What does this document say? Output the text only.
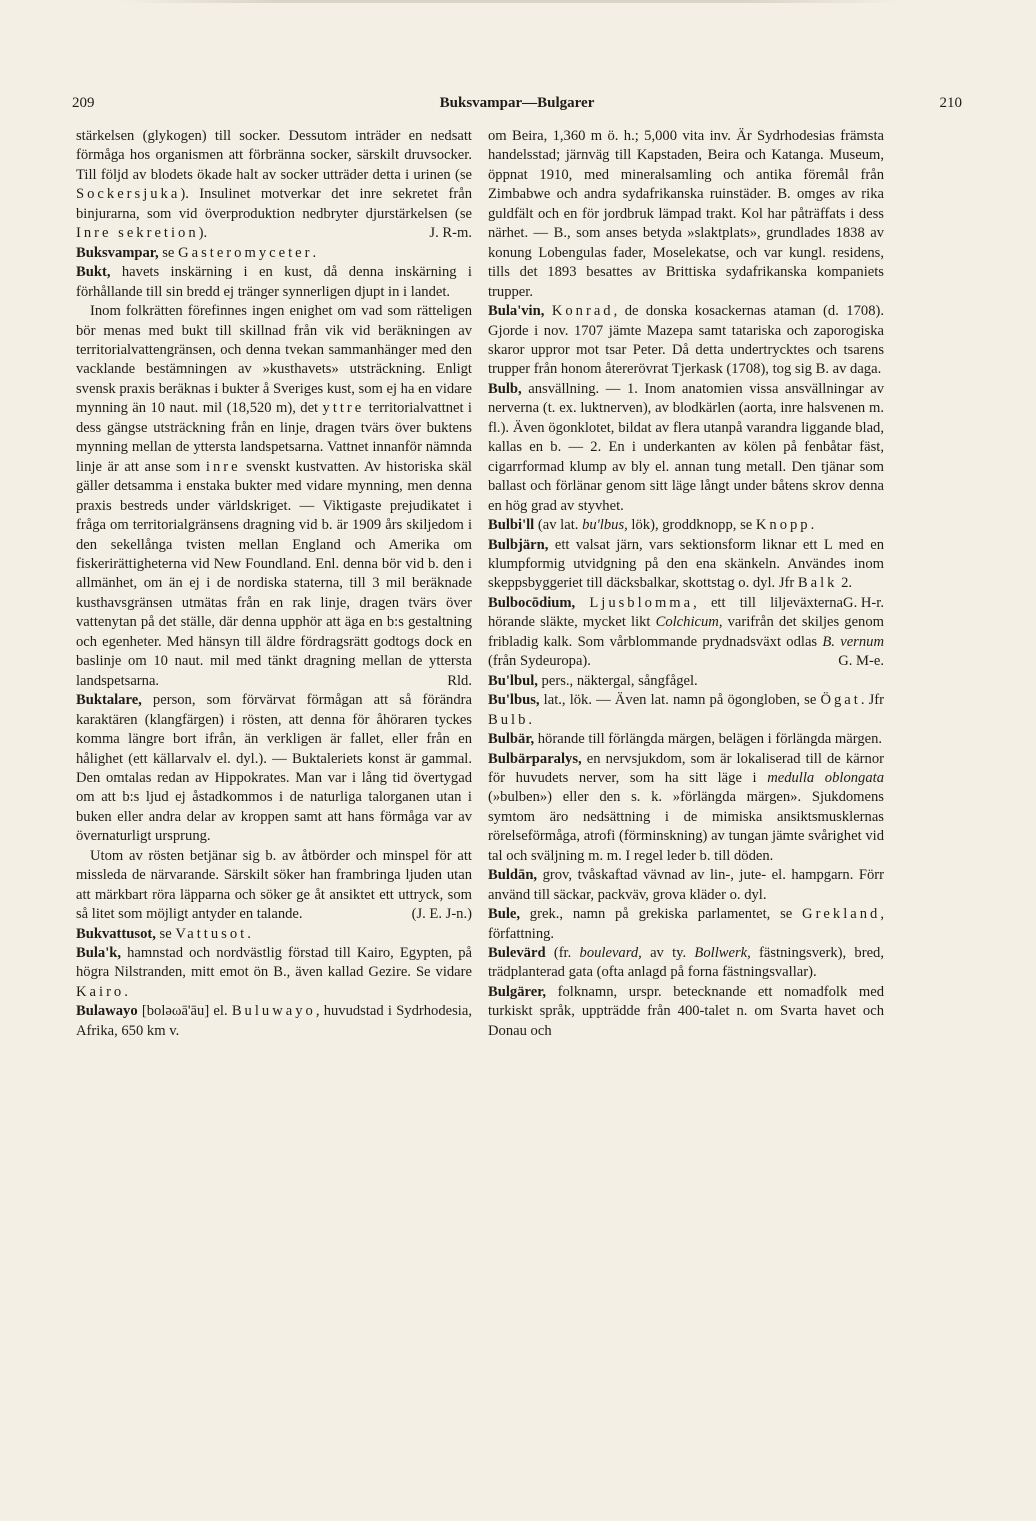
209	Buksvampar—Bulgarer	210

stärkelsen (glykogen) till socker. Dessutom inträder en nedsatt förmåga hos organismen att förbränna socker, särskilt druvsocker. Till följd av blodets ökade halt av socker utträder detta i urinen (se Sockersjuka). Insulinet motverkar det inre sekretet från binjurarna, som vid överproduktion nedbryter djurstärkelsen (se Inre sekretion).	J. R-m.

Buksvampar, se Gasteromyceter.

Bukt, havets inskärning i en kust, då denna inskärning i förhållande till sin bredd ej tränger synnerligen djupt in i landet.

Inom folkrätten förefinnes ingen enighet om vad som rätteligen bör menas med bukt till skillnad från vik vid beräkningen av territorialvattengränsen, och denna tvekan sammanhänger med den vacklande bestämningen av »kusthavets» utsträckning. Enligt svensk praxis beräknas i bukter å Sveriges kust, som ej ha en vidare mynning än 10 naut. mil (18,520 m), det yttre territorialvattnet i dess gängse utsträckning från en linje, dragen tvärs över buktens mynning mellan de yttersta landspetsarna. Vattnet innanför nämnda linje är att anse som inre svenskt kustvatten. Av historiska skäl gäller detsamma i enstaka bukter med vidare mynning, men denna praxis bestreds under världskriget. — Viktigaste prejudikatet i fråga om territorialgränsens dragning vid b. är 1909 års skiljedom i den sekellånga tvisten mellan England och Amerika om fiskerirättigheterna vid New Foundland. Enl. denna bör vid b. den i allmänhet, om än ej i de nordiska staterna, till 3 mil beräknade kusthavsgränsen utmätas från en rak linje, dragen tvärs över vattenytan på det ställe, där denna upphör att äga en b:s gestaltning och egenheter. Med hänsyn till äldre fördragsrätt godtogs dock en baslinje om 10 naut. mil med tänkt dragning mellan de yttersta landspetsarna.	Rld.

Buktalare, person, som förvärvat förmågan att så förändra karaktären (klangfärgen) i rösten, att denna för åhöraren tyckes komma längre bort ifrån, än verkligen är fallet, eller från en hålighet (ett källarvalv el. dyl.). — Buktaleriets konst är gammal. Den omtalas redan av Hippokrates. Man var i lång tid övertygad om att b:s ljud ej åstadkommos i de naturliga talorganen utan i buken eller andra delar av kroppen samt att hans förmåga var av övernaturligt ursprung.

Utom av rösten betjänar sig b. av åtbörder och minspel för att missleda de närvarande. Särskilt söker han frambringa ljuden utan att märkbart röra läpparna och söker ge åt ansiktet ett uttryck, som så litet som möjligt antyder en talande.	(J. E. J-n.)

Bukvattusot, se Vattusot.

Bula'k, hamnstad och nordvästlig förstad till Kairo, Egypten, på högra Nilstranden, mitt emot ön B., även kallad Gezire. Se vidare Kairo.

Bulawayo [boləωā'āu] el. Buluwayo, huvudstad i Sydrhodesia, Afrika, 650 km v.

om Beira, 1,360 m ö. h.; 5,000 vita inv. Är Sydrhodesias främsta handelsstad; järnväg till Kapstaden, Beira och Katanga. Museum, öppnat 1910, med mineralsamling och antika föremål från Zimbabwe och andra sydafrikanska ruinstäder. B. omges av rika guldfält och en för jordbruk lämpad trakt. Kol har påträffats i dess närhet. — B., som anses betyda »slaktplats», grundlades 1838 av konung Lobengulas fader, Moselekatse, och var kungl. residens, tills det 1893 besattes av Brittiska sydafrikanska kompaniets trupper.

Bula'vin, Konrad, de donska kosackernas ataman (d. 1708). Gjorde i nov. 1707 jämte Mazepa samt tatariska och zaporogiska skaror uppror mot tsar Peter. Då detta undertrycktes och tsarens trupper från honom återerövrat Tjerkask (1708), tog sig B. av daga.

Bulb, ansvällning. — 1. Inom anatomien vissa ansvällningar av nerverna (t. ex. luktnerven), av blodkärlen (aorta, inre halsvenen m. fl.). Även ögonklotet, bildat av flera utanpå varandra liggande blad, kallas en b. — 2. En i underkanten av kölen på fenbåtar fäst, cigarrformad klump av bly el. annan tung metall. Den tjänar som ballast och förlänar genom sitt läge långt under båtens skrov denna en hög grad av styvhet.

Bulbi'll (av lat. bu'lbus, lök), groddknopp, se Knopp.

Bulbjärn, ett valsat järn, vars sektionsform liknar ett L med en klumpformig utvidgning på den ena skänkeln. Användes inom skeppsbyggeriet till däcksbalkar, skottstag o. dyl. Jfr Balk 2.
G. H-r.

Bulbocōdium, Ljusblomma, ett till liljeväxterna hörande släkte, mycket likt Colchicum, varifrån det skiljes genom fribladig kalk. Som vårblommande prydnadsväxt odlas B. vernum (från Sydeuropa).	G. M-e.

Bu'lbul, pers., näktergal, sångfågel.

Bu'lbus, lat., lök. — Även lat. namn på ögongloben, se Ögat. Jfr Bulb.

Bulbär, hörande till förlängda märgen, belägen i förlängda märgen.

Bulbärparalys, en nervsjukdom, som är lokaliserad till de kärnor för huvudets nerver, som ha sitt läge i medulla oblongata (»bulben») eller den s. k. »förlängda märgen». Sjukdomens symtom äro nedsättning i de mimiska ansiktsmusklernas rörelseförmåga, atrofi (förminskning) av tungan jämte svårighet vid tal och sväljning m. m. I regel leder b. till döden.

Buldān, grov, tvåskaftad vävnad av lin-, jute- el. hampgarn. Förr använd till säckar, packväv, grova kläder o. dyl.

Bule, grek., namn på grekiska parlamentet, se Grekland, författning.

Bulevärd (fr. boulevard, av ty. Bollwerk, fästningsverk), bred, trädplanterad gata (ofta anlagd på forna fästningsvallar).

Bulgärer, folknamn, urspr. betecknande ett nomadfolk med turkiskt språk, uppträdde från 400-talet n. om Svarta havet och Donau och
